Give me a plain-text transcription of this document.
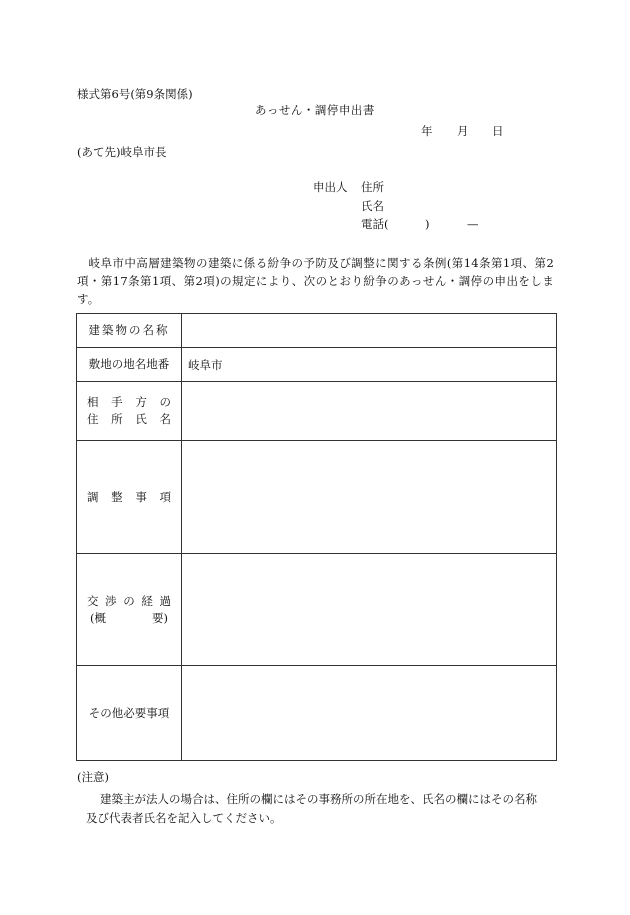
様式第6号(第9条関係)
あっせん・調停申出書
年 月 日
(あて先)岐阜市長
申出人 住所
氏名
電話(	)	—
岐阜市中高層建築物の建築に係る紛争の予防及び調整に関する条例(第14条第1項、第2項・第17条第1項、第2項)の規定により、次のとおり紛争のあっせん・調停の申出をします。
建築物の名称	
敷地の地名地番	岐阜市
相手方の
住所氏名	
調整事項	
交渉の経過
(概 要)	

その他必要事項	
(注意)
建築主が法人の場合は、住所の欄にはその事務所の所在地を、氏名の欄にはその名称
及び代表者氏名を記入してください。
